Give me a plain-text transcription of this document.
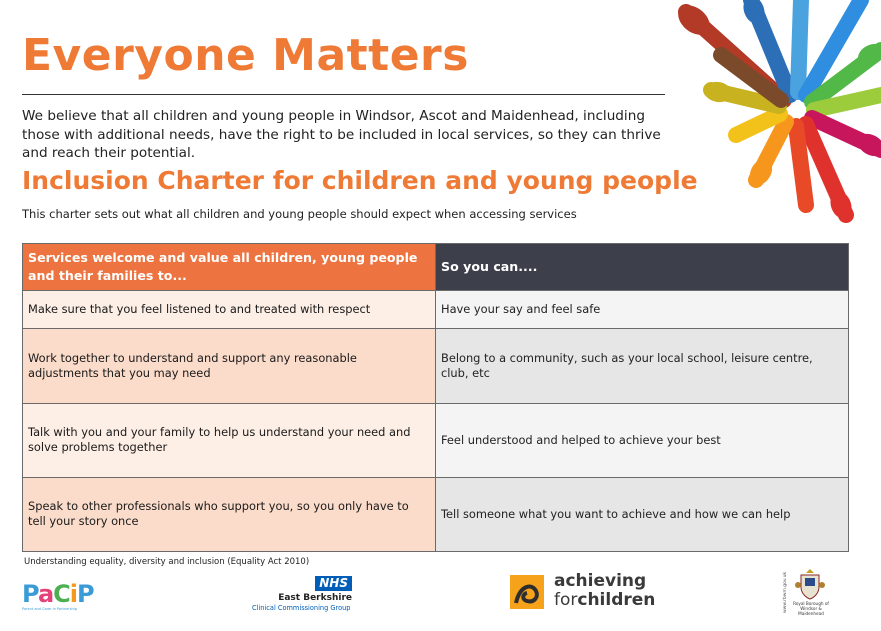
Everyone Matters

We believe that all children and young people in Windsor, Ascot and Maidenhead, including those with additional needs, have the right to be included in local services, so they can thrive and reach their potential.

Inclusion Charter for children and young people

This charter sets out what all children and young people should expect when accessing services

Services welcome and value all children, young people and their families to...	So you can....
Make sure that you feel listened to and treated with respect	Have your say and feel safe
Work together to understand and support any reasonable adjustments that you may need	Belong to a community, such as your local school, leisure centre, club, etc
Talk with you and your family to help us understand your need and solve problems together	Feel understood and helped to achieve your best
Speak to other professionals who support you, so you only have to tell your story once	Tell someone what you want to achieve and how we can help

Understanding equality, diversity and inclusion (Equality Act 2010)

PaCiP
Parent and Carer in Partnership
NHS
East Berkshire
Clinical Commissioning Group
achieving
forchildren	www.rbwm.gov.uk	Royal Borough of Windsor & Maidenhead
